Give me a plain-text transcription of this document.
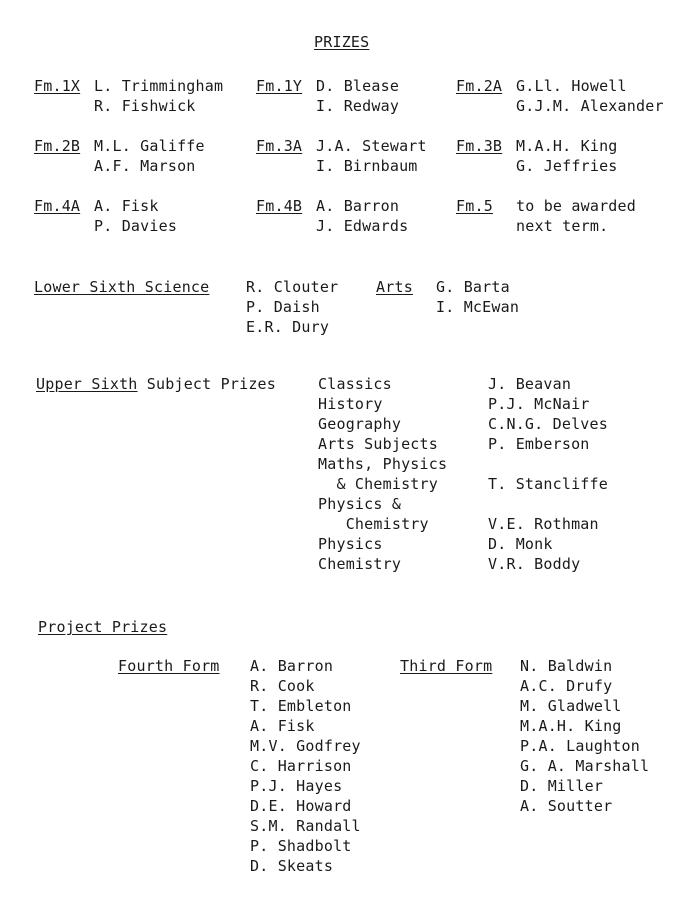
PRIZES
Fm.1X L. Trimmingham
R. Fishwick
Fm.1Y D. Blease
I. Redway
Fm.2A G.Ll. Howell
G.J.M. Alexander
Fm.2B M.L. Galiffe
A.F. Marson
Fm.3A J.A. Stewart
I. Birnbaum
Fm.3B M.A.H. King
G. Jeffries
Fm.4A A. Fisk
P. Davies
Fm.4B A. Barron
J. Edwards
Fm.5 to be awarded
next term.
Lower Sixth Science R. Clouter
P. Daish
E.R. Dury
Arts G. Barta
I. McEwan
Upper Sixth Subject Prizes	Classics	J. Beavan
History	P.J. McNair
Geography	C.N.G. Delves
Arts Subjects	P. Emberson
Maths, Physics
& Chemistry	T. Stancliffe
Physics &
Chemistry	V.E. Rothman
Physics	D. Monk
Chemistry	V.R. Boddy
Project Prizes
Fourth Form A. Barron
R. Cook
T. Embleton
A. Fisk
M.V. Godfrey
C. Harrison
P.J. Hayes
D.E. Howard
S.M. Randall
P. Shadbolt
D. Skeats
Third Form N. Baldwin
A.C. Drufy
M. Gladwell
M.A.H. King
P.A. Laughton
G. A. Marshall
D. Miller
A. Soutter
